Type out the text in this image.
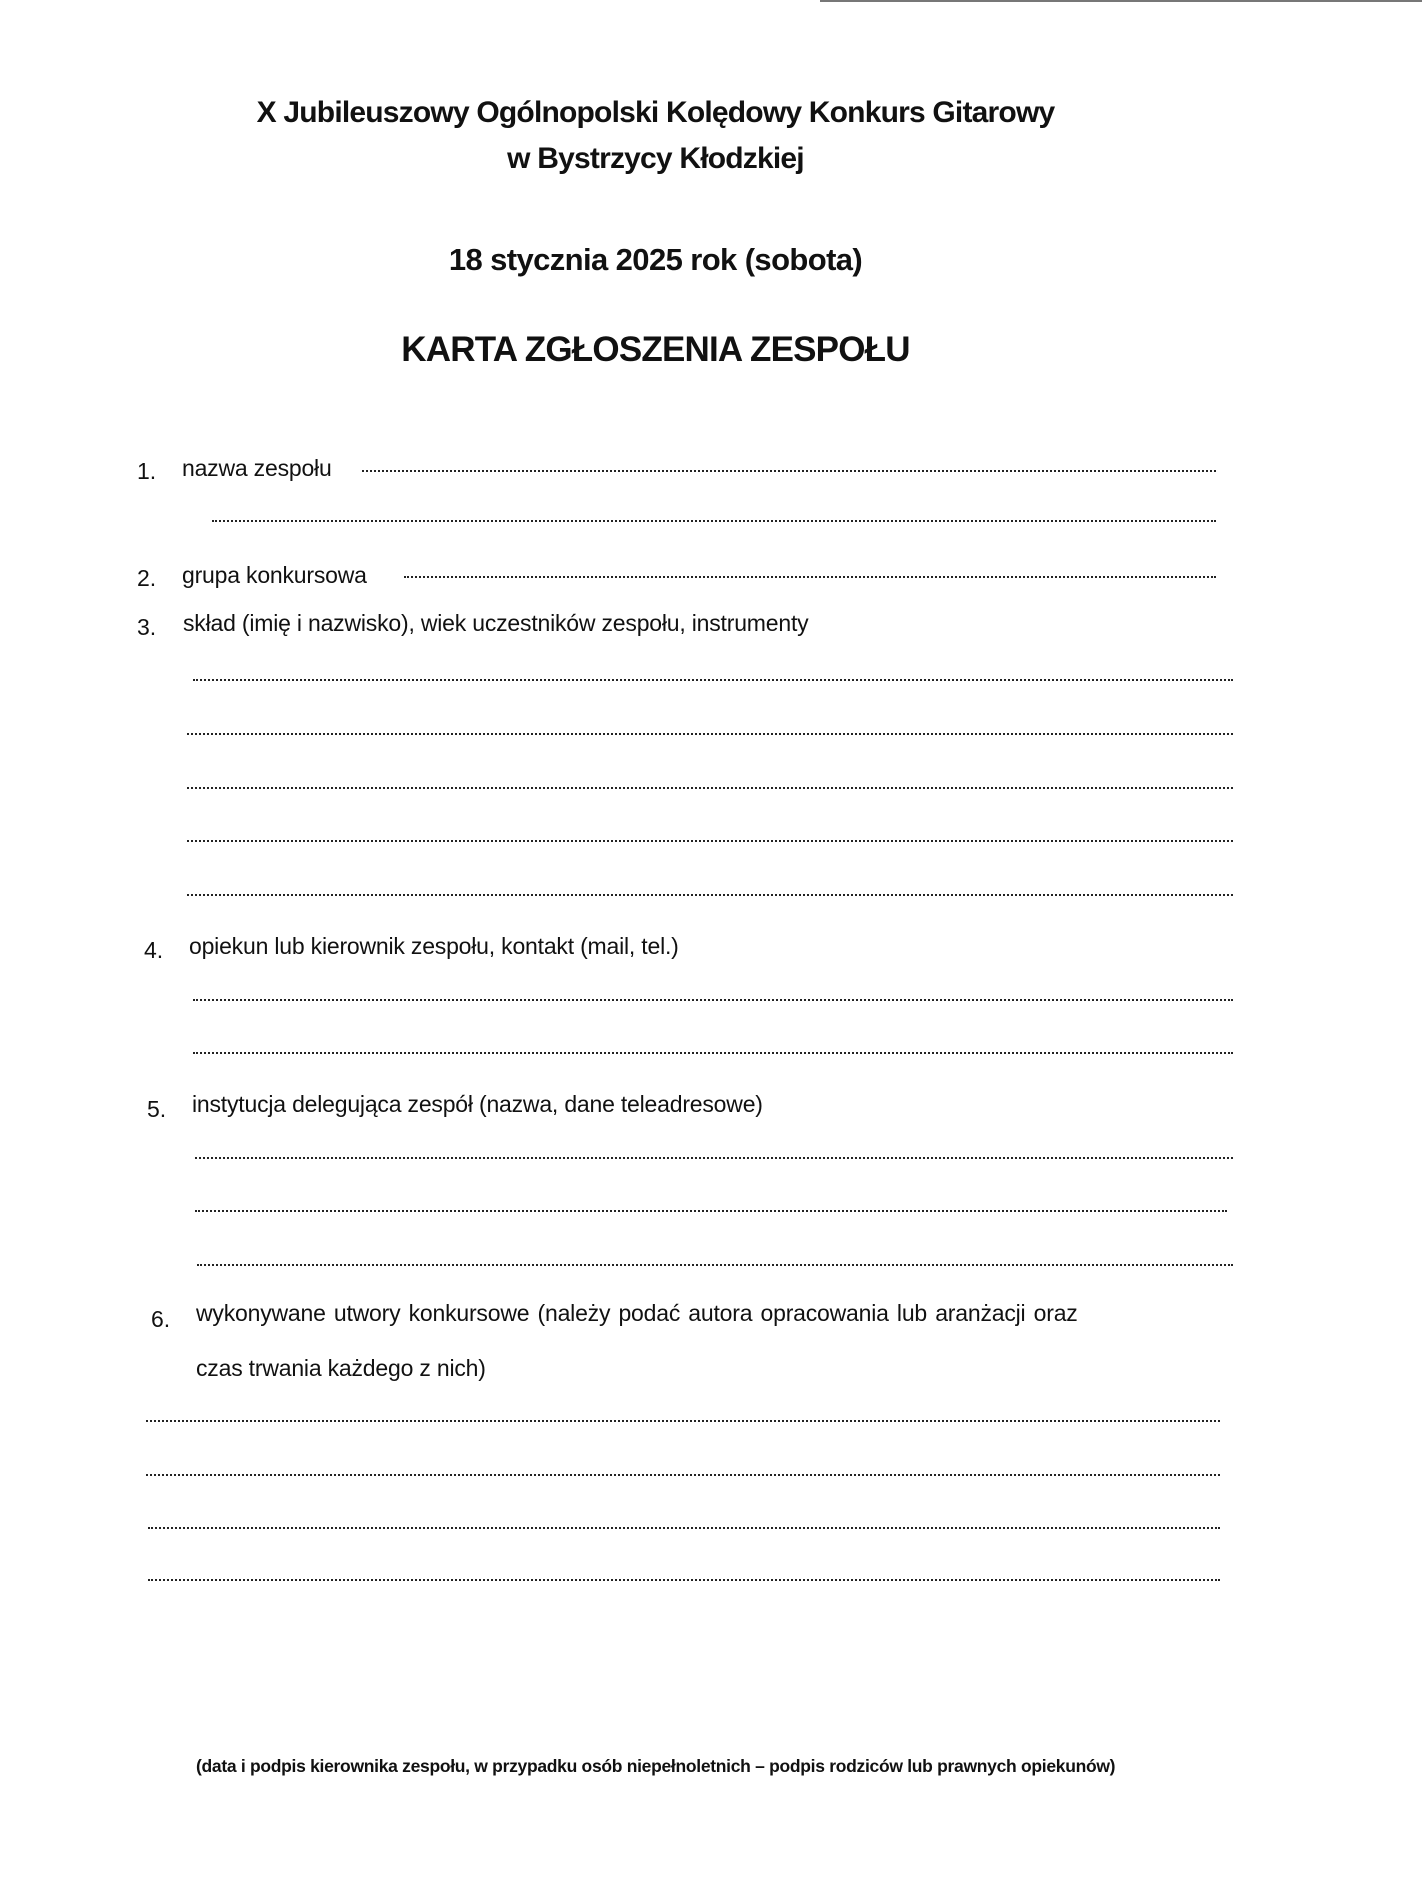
X Jubileuszowy Ogólnopolski Kolędowy Konkurs Gitarowy
w Bystrzycy Kłodzkiej
18 stycznia 2025 rok (sobota)
KARTA ZGŁOSZENIA ZESPOŁU
1. nazwa zespołu
2. grupa konkursowa
3. skład (imię i nazwisko), wiek uczestników zespołu, instrumenty
4. opiekun lub kierownik zespołu, kontakt (mail, tel.)
5. instytucja delegująca zespół (nazwa, dane teleadresowe)
6. wykonywane utwory konkursowe (należy podać autora opracowania lub aranżacji oraz
czas trwania każdego z nich)
(data i podpis kierownika zespołu, w przypadku osób niepełnoletnich – podpis rodziców lub prawnych opiekunów)
